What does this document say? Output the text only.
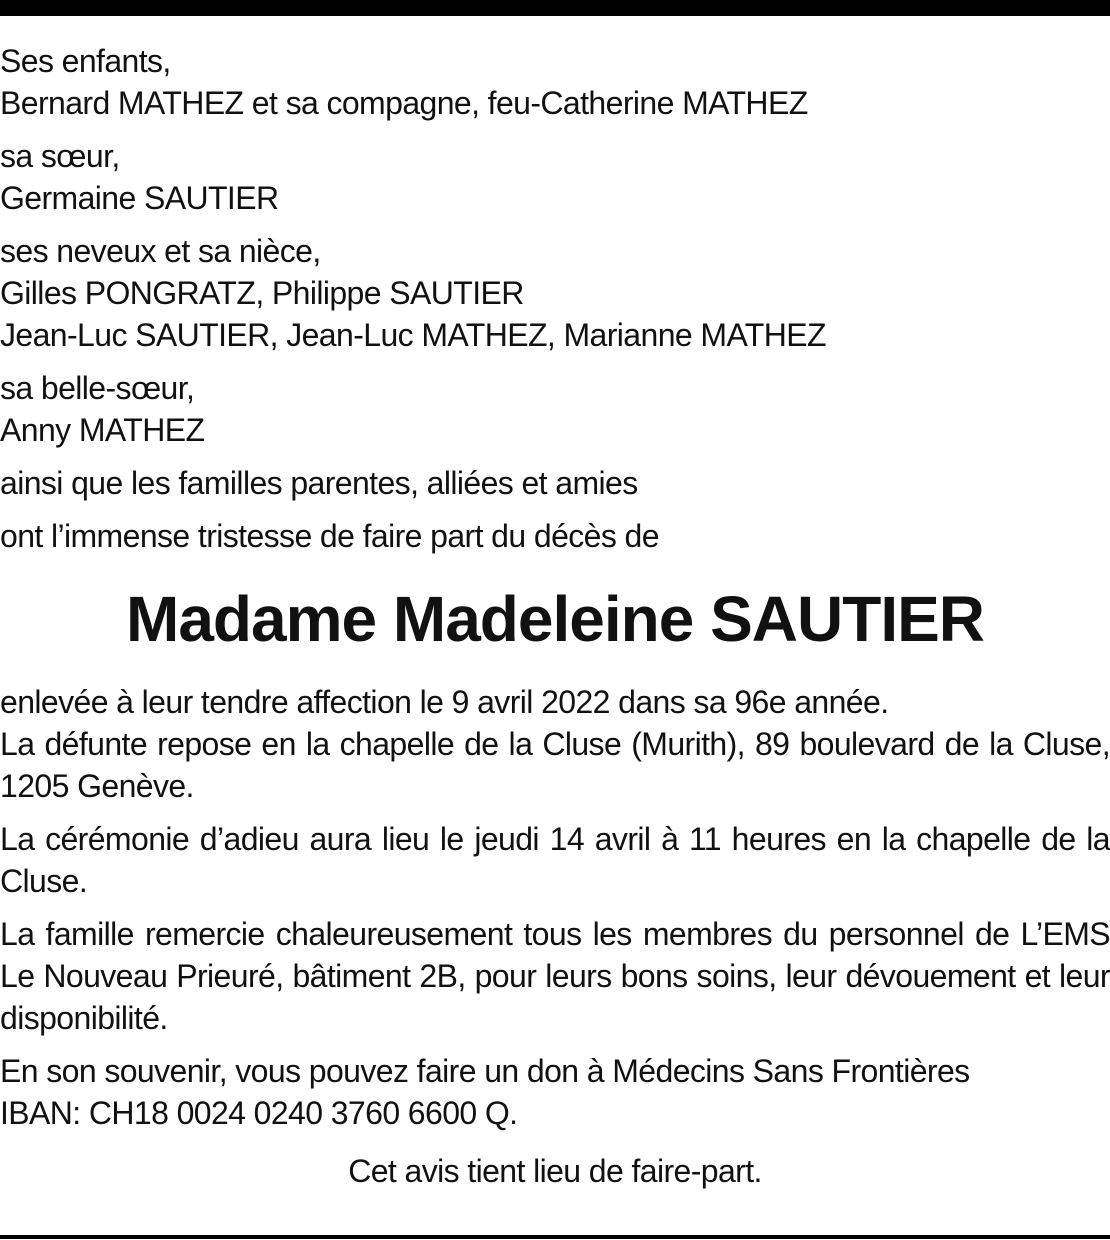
Ses enfants,
Bernard MATHEZ et sa compagne, feu-Catherine MATHEZ
sa sœur,
Germaine SAUTIER
ses neveux et sa nièce,
Gilles PONGRATZ, Philippe SAUTIER
Jean-Luc SAUTIER, Jean-Luc MATHEZ, Marianne MATHEZ
sa belle-sœur,
Anny MATHEZ
ainsi que les familles parentes, alliées et amies
ont l’immense tristesse de faire part du décès de
Madame Madeleine SAUTIER
enlevée à leur tendre affection le 9 avril 2022 dans sa 96e année.
La défunte repose en la chapelle de la Cluse (Murith), 89 boulevard de la Cluse, 1205 Genève.
La cérémonie d’adieu aura lieu le jeudi 14 avril à 11 heures en la chapelle de la Cluse.
La famille remercie chaleureusement tous les membres du personnel de L’EMS Le Nouveau Prieuré, bâtiment 2B, pour leurs bons soins, leur dévouement et leur disponibilité.
En son souvenir, vous pouvez faire un don à Médecins Sans Frontières
IBAN: CH18 0024 0240 3760 6600 Q.
Cet avis tient lieu de faire-part.
